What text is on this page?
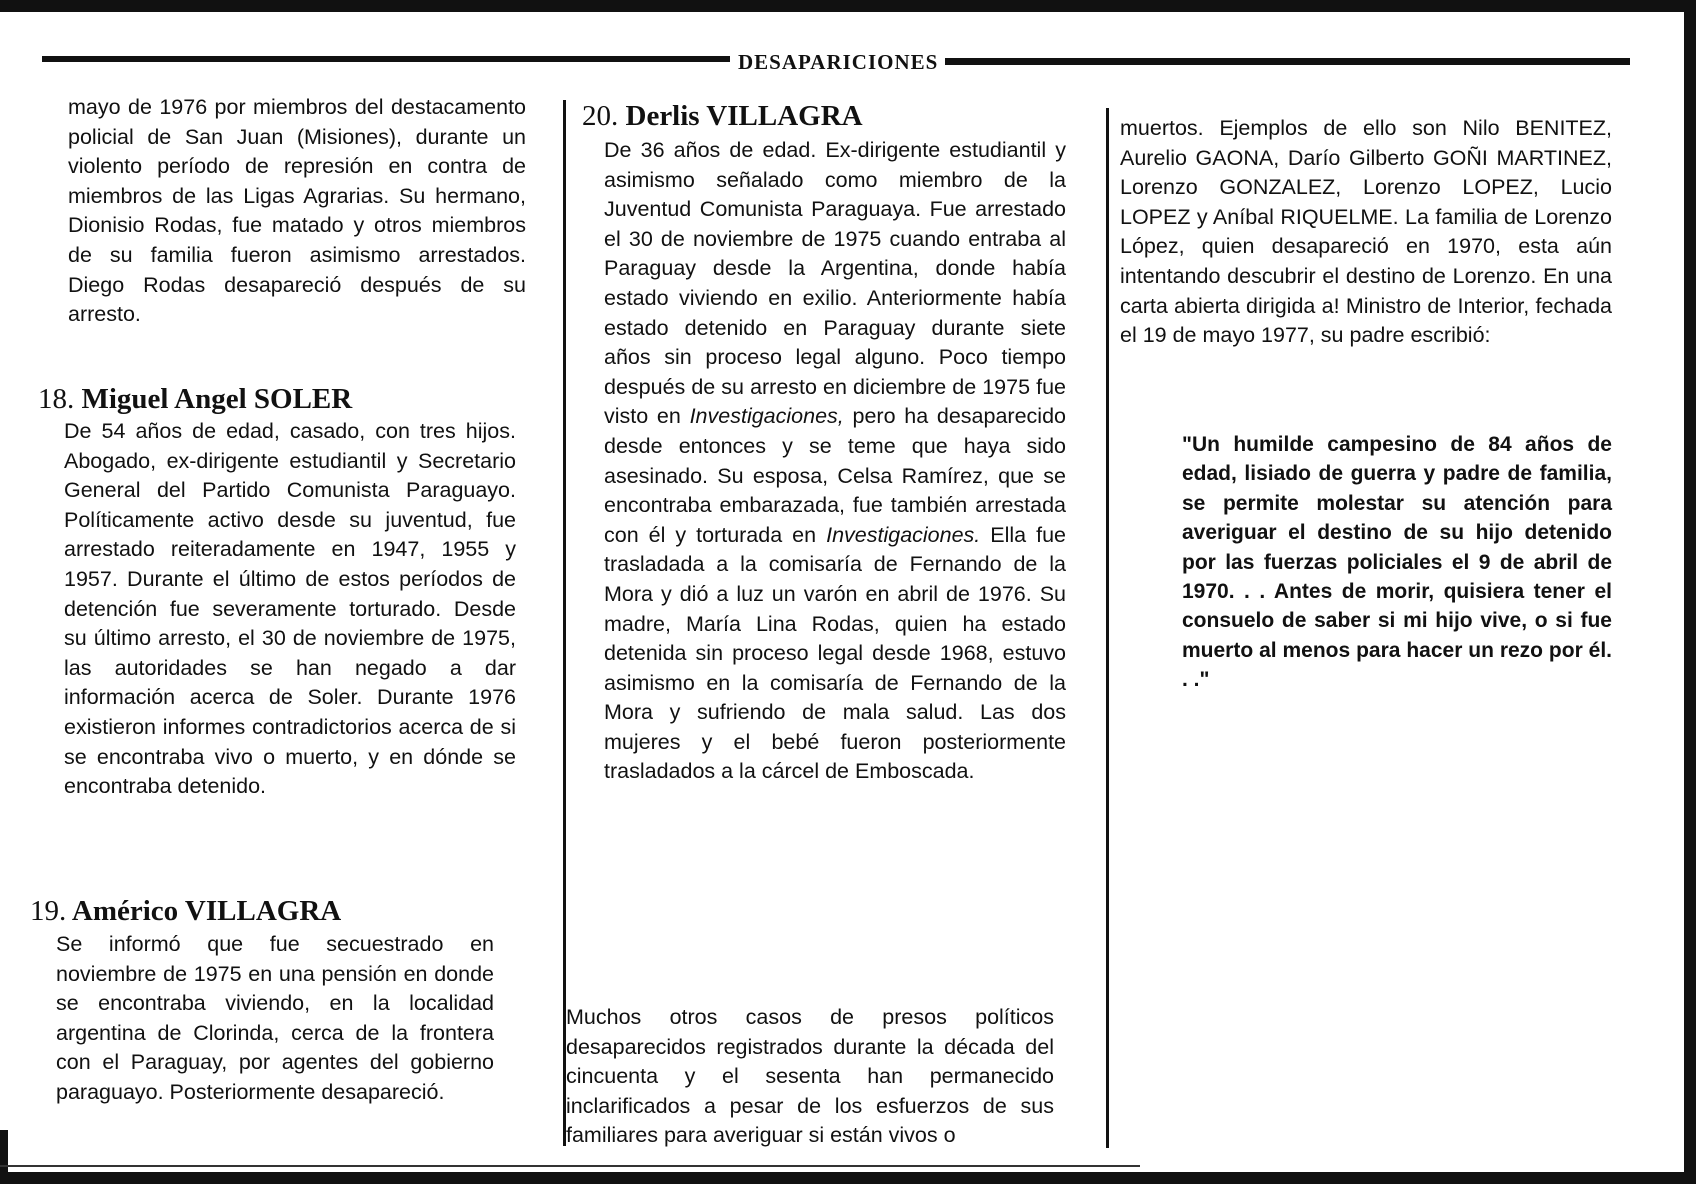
DESAPARICIONES

mayo de 1976 por miembros del destacamento policial de San Juan (Misiones), durante un violento período de represión en contra de miembros de las Ligas Agrarias. Su hermano, Dionisio Rodas, fue matado y otros miembros de su familia fueron asimismo arrestados. Diego Rodas desapareció después de su arresto.

18. Miguel Angel SOLER

De 54 años de edad, casado, con tres hijos. Abogado, ex-dirigente estudiantil y Secretario General del Partido Comunista Paraguayo. Políticamente activo desde su juventud, fue arrestado reiteradamente en 1947, 1955 y 1957. Durante el último de estos períodos de detención fue severamente torturado. Desde su último arresto, el 30 de noviembre de 1975, las autoridades se han negado a dar información acerca de Soler. Durante 1976 existieron informes contradictorios acerca de si se encontraba vivo o muerto, y en dónde se encontraba detenido.

19. Américo VILLAGRA

Se informó que fue secuestrado en noviembre de 1975 en una pensión en donde se encontraba viviendo, en la localidad argentina de Clorinda, cerca de la frontera con el Paraguay, por agentes del gobierno paraguayo. Posteriormente desapareció.

20. Derlis VILLAGRA

De 36 años de edad. Ex-dirigente estudiantil y asimismo señalado como miembro de la Juventud Comunista Paraguaya. Fue arrestado el 30 de noviembre de 1975 cuando entraba al Paraguay desde la Argentina, donde había estado viviendo en exilio. Anteriormente había estado detenido en Paraguay durante siete años sin proceso legal alguno. Poco tiempo después de su arresto en diciembre de 1975 fue visto en Investigaciones, pero ha desaparecido desde entonces y se teme que haya sido asesinado. Su esposa, Celsa Ramírez, que se encontraba embarazada, fue también arrestada con él y torturada en Investigaciones. Ella fue trasladada a la comisaría de Fernando de la Mora y dió a luz un varón en abril de 1976. Su madre, María Lina Rodas, quien ha estado detenida sin proceso legal desde 1968, estuvo asimismo en la comisaría de Fernando de la Mora y sufriendo de mala salud. Las dos mujeres y el bebé fueron posteriormente trasladados a la cárcel de Emboscada.

Muchos otros casos de presos políticos desaparecidos registrados durante la década del cincuenta y el sesenta han permanecido inclarificados a pesar de los esfuerzos de sus familiares para averiguar si están vivos o

muertos. Ejemplos de ello son Nilo BENITEZ, Aurelio GAONA, Darío Gilberto GOÑI MARTINEZ, Lorenzo GONZALEZ, Lorenzo LOPEZ, Lucio LOPEZ y Aníbal RIQUELME. La familia de Lorenzo López, quien desapareció en 1970, esta aún intentando descubrir el destino de Lorenzo. En una carta abierta dirigida a! Ministro de Interior, fechada el 19 de mayo 1977, su padre escribió:

"Un humilde campesino de 84 años de edad, lisiado de guerra y padre de familia, se permite molestar su atención para averiguar el destino de su hijo detenido por las fuerzas policiales el 9 de abril de 1970. . . Antes de morir, quisiera tener el consuelo de saber si mi hijo vive, o si fue muerto al menos para hacer un rezo por él. . ."
